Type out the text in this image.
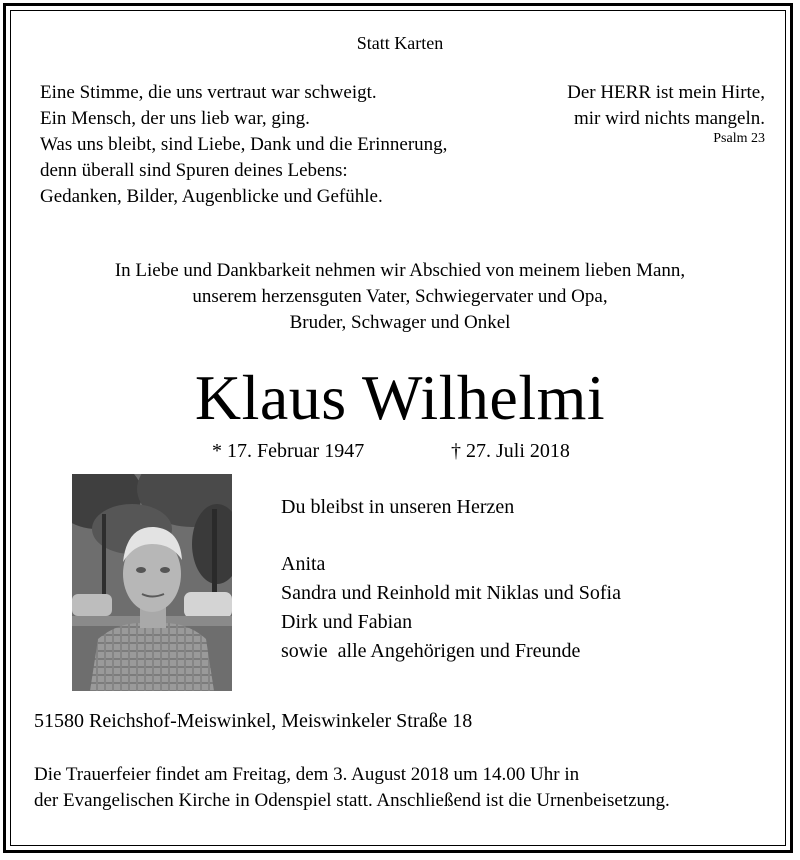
Statt Karten
Eine Stimme, die uns vertraut war schweigt.
Ein Mensch, der uns lieb war, ging.
Was uns bleibt, sind Liebe, Dank und die Erinnerung,
denn überall sind Spuren deines Lebens:
Gedanken, Bilder, Augenblicke und Gefühle.
Der HERR ist mein Hirte,
mir wird nichts mangeln.
Psalm 23
In Liebe und Dankbarkeit nehmen wir Abschied von meinem lieben Mann,
unserem herzensguten Vater, Schwiegervater und Opa,
Bruder, Schwager und Onkel
Klaus Wilhelmi
* 17. Februar 1947	† 27. Juli 2018
Du bleibst in unseren Herzen
Anita
Sandra und Reinhold mit Niklas und Sofia
Dirk und Fabian
sowie  alle Angehörigen und Freunde
51580 Reichshof-Meiswinkel, Meiswinkeler Straße 18
Die Trauerfeier findet am Freitag, dem 3. August 2018 um 14.00 Uhr in
der Evangelischen Kirche in Odenspiel statt. Anschließend ist die Urnenbeisetzung.
